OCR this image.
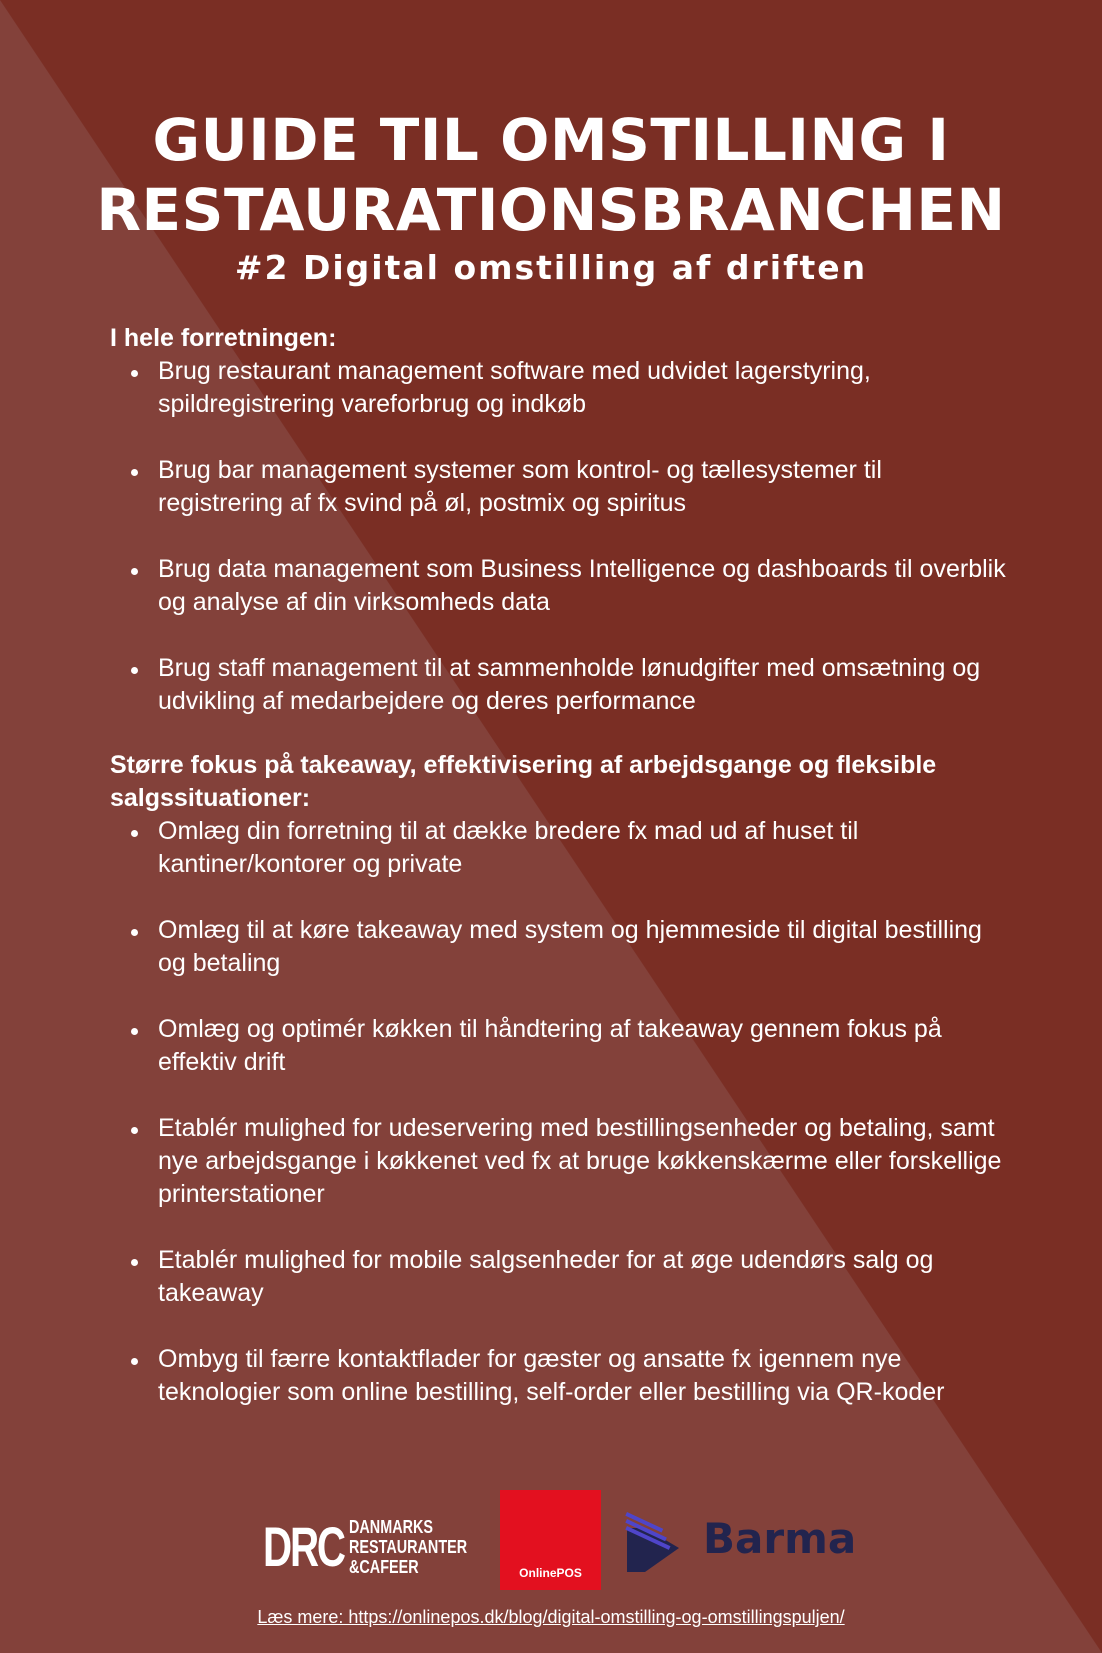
GUIDE TIL OMSTILLING I
RESTAURATIONSBRANCHEN
#2 Digital omstilling af driften
I hele forretningen:
Brug restaurant management software med udvidet lagerstyring, spildregistrering vareforbrug og indkøb
Brug bar management systemer som kontrol- og tællesystemer til registrering af fx svind på øl, postmix og spiritus
Brug data management som Business Intelligence og dashboards til overblik og analyse af din virksomheds data
Brug staff management til at sammenholde lønudgifter med omsætning og udvikling af medarbejdere og deres performance
Større fokus på takeaway, effektivisering af arbejdsgange og fleksible salgssituationer:
Omlæg din forretning til at dække bredere fx mad ud af huset til kantiner/kontorer og private
Omlæg til at køre takeaway med system og hjemmeside til digital bestilling og betaling
Omlæg og optimér køkken til håndtering af takeaway gennem fokus på effektiv drift
Etablér mulighed for udeservering med bestillingsenheder og betaling, samt nye arbejdsgange i køkkenet ved fx at bruge køkkenskærme eller forskellige printerstationer
Etablér mulighed for mobile salgsenheder for at øge udendørs salg og takeaway
Ombyg til færre kontaktflader for gæster og ansatte fx igennem nye teknologier som online bestilling, self-order eller bestilling via QR-koder
DRC DANMARKS
RESTAURANTER
&CAFEER	OnlinePOS
Barma
Læs mere: https://onlinepos.dk/blog/digital-omstilling-og-omstillingspuljen/
